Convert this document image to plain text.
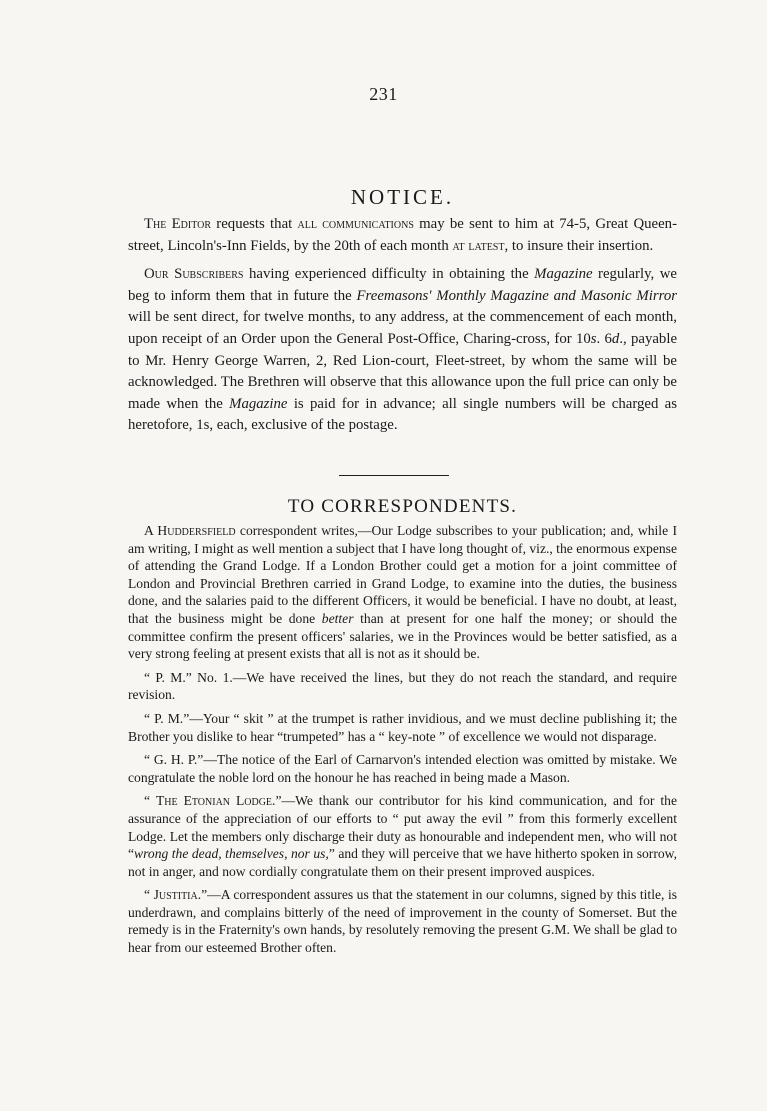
231
NOTICE.

The Editor requests that all communications may be sent to him at 74-5, Great Queen-street, Lincoln's-Inn Fields, by the 20th of each month at latest, to insure their insertion.

Our Subscribers having experienced difficulty in obtaining the Magazine regularly, we beg to inform them that in future the Freemasons' Monthly Magazine and Masonic Mirror will be sent direct, for twelve months, to any address, at the commencement of each month, upon receipt of an Order upon the General Post-Office, Charing-cross, for 10s. 6d., payable to Mr. Henry George Warren, 2, Red Lion-court, Fleet-street, by whom the same will be acknowledged. The Brethren will observe that this allowance upon the full price can only be made when the Magazine is paid for in advance; all single numbers will be charged as heretofore, 1s, each, exclusive of the postage.

TO CORRESPONDENTS.

A Huddersfield correspondent writes,—Our Lodge subscribes to your publication; and, while I am writing, I might as well mention a subject that I have long thought of, viz., the enormous expense of attending the Grand Lodge. If a London Brother could get a motion for a joint committee of London and Provincial Brethren carried in Grand Lodge, to examine into the duties, the business done, and the salaries paid to the different Officers, it would be beneficial. I have no doubt, at least, that the business might be done better than at present for one half the money; or should the committee confirm the present officers' salaries, we in the Provinces would be better satisfied, as a very strong feeling at present exists that all is not as it should be.

“ P. M.” No. 1.—We have received the lines, but they do not reach the standard, and require revision.

“ P. M.”—Your “ skit ” at the trumpet is rather invidious, and we must decline publishing it; the Brother you dislike to hear “trumpeted” has a “ key-note ” of excellence we would not disparage.

“ G. H. P.”—The notice of the Earl of Carnarvon's intended election was omitted by mistake. We congratulate the noble lord on the honour he has reached in being made a Mason.

“ The Etonian Lodge.”—We thank our contributor for his kind communication, and for the assurance of the appreciation of our efforts to “ put away the evil ” from this formerly excellent Lodge. Let the members only discharge their duty as honourable and independent men, who will not “wrong the dead, themselves, nor us,” and they will perceive that we have hitherto spoken in sorrow, not in anger, and now cordially congratulate them on their present improved auspices.

“ Justitia.”—A correspondent assures us that the statement in our columns, signed by this title, is underdrawn, and complains bitterly of the need of improvement in the county of Somerset. But the remedy is in the Fraternity's own hands, by resolutely removing the present G.M. We shall be glad to hear from our esteemed Brother often.
